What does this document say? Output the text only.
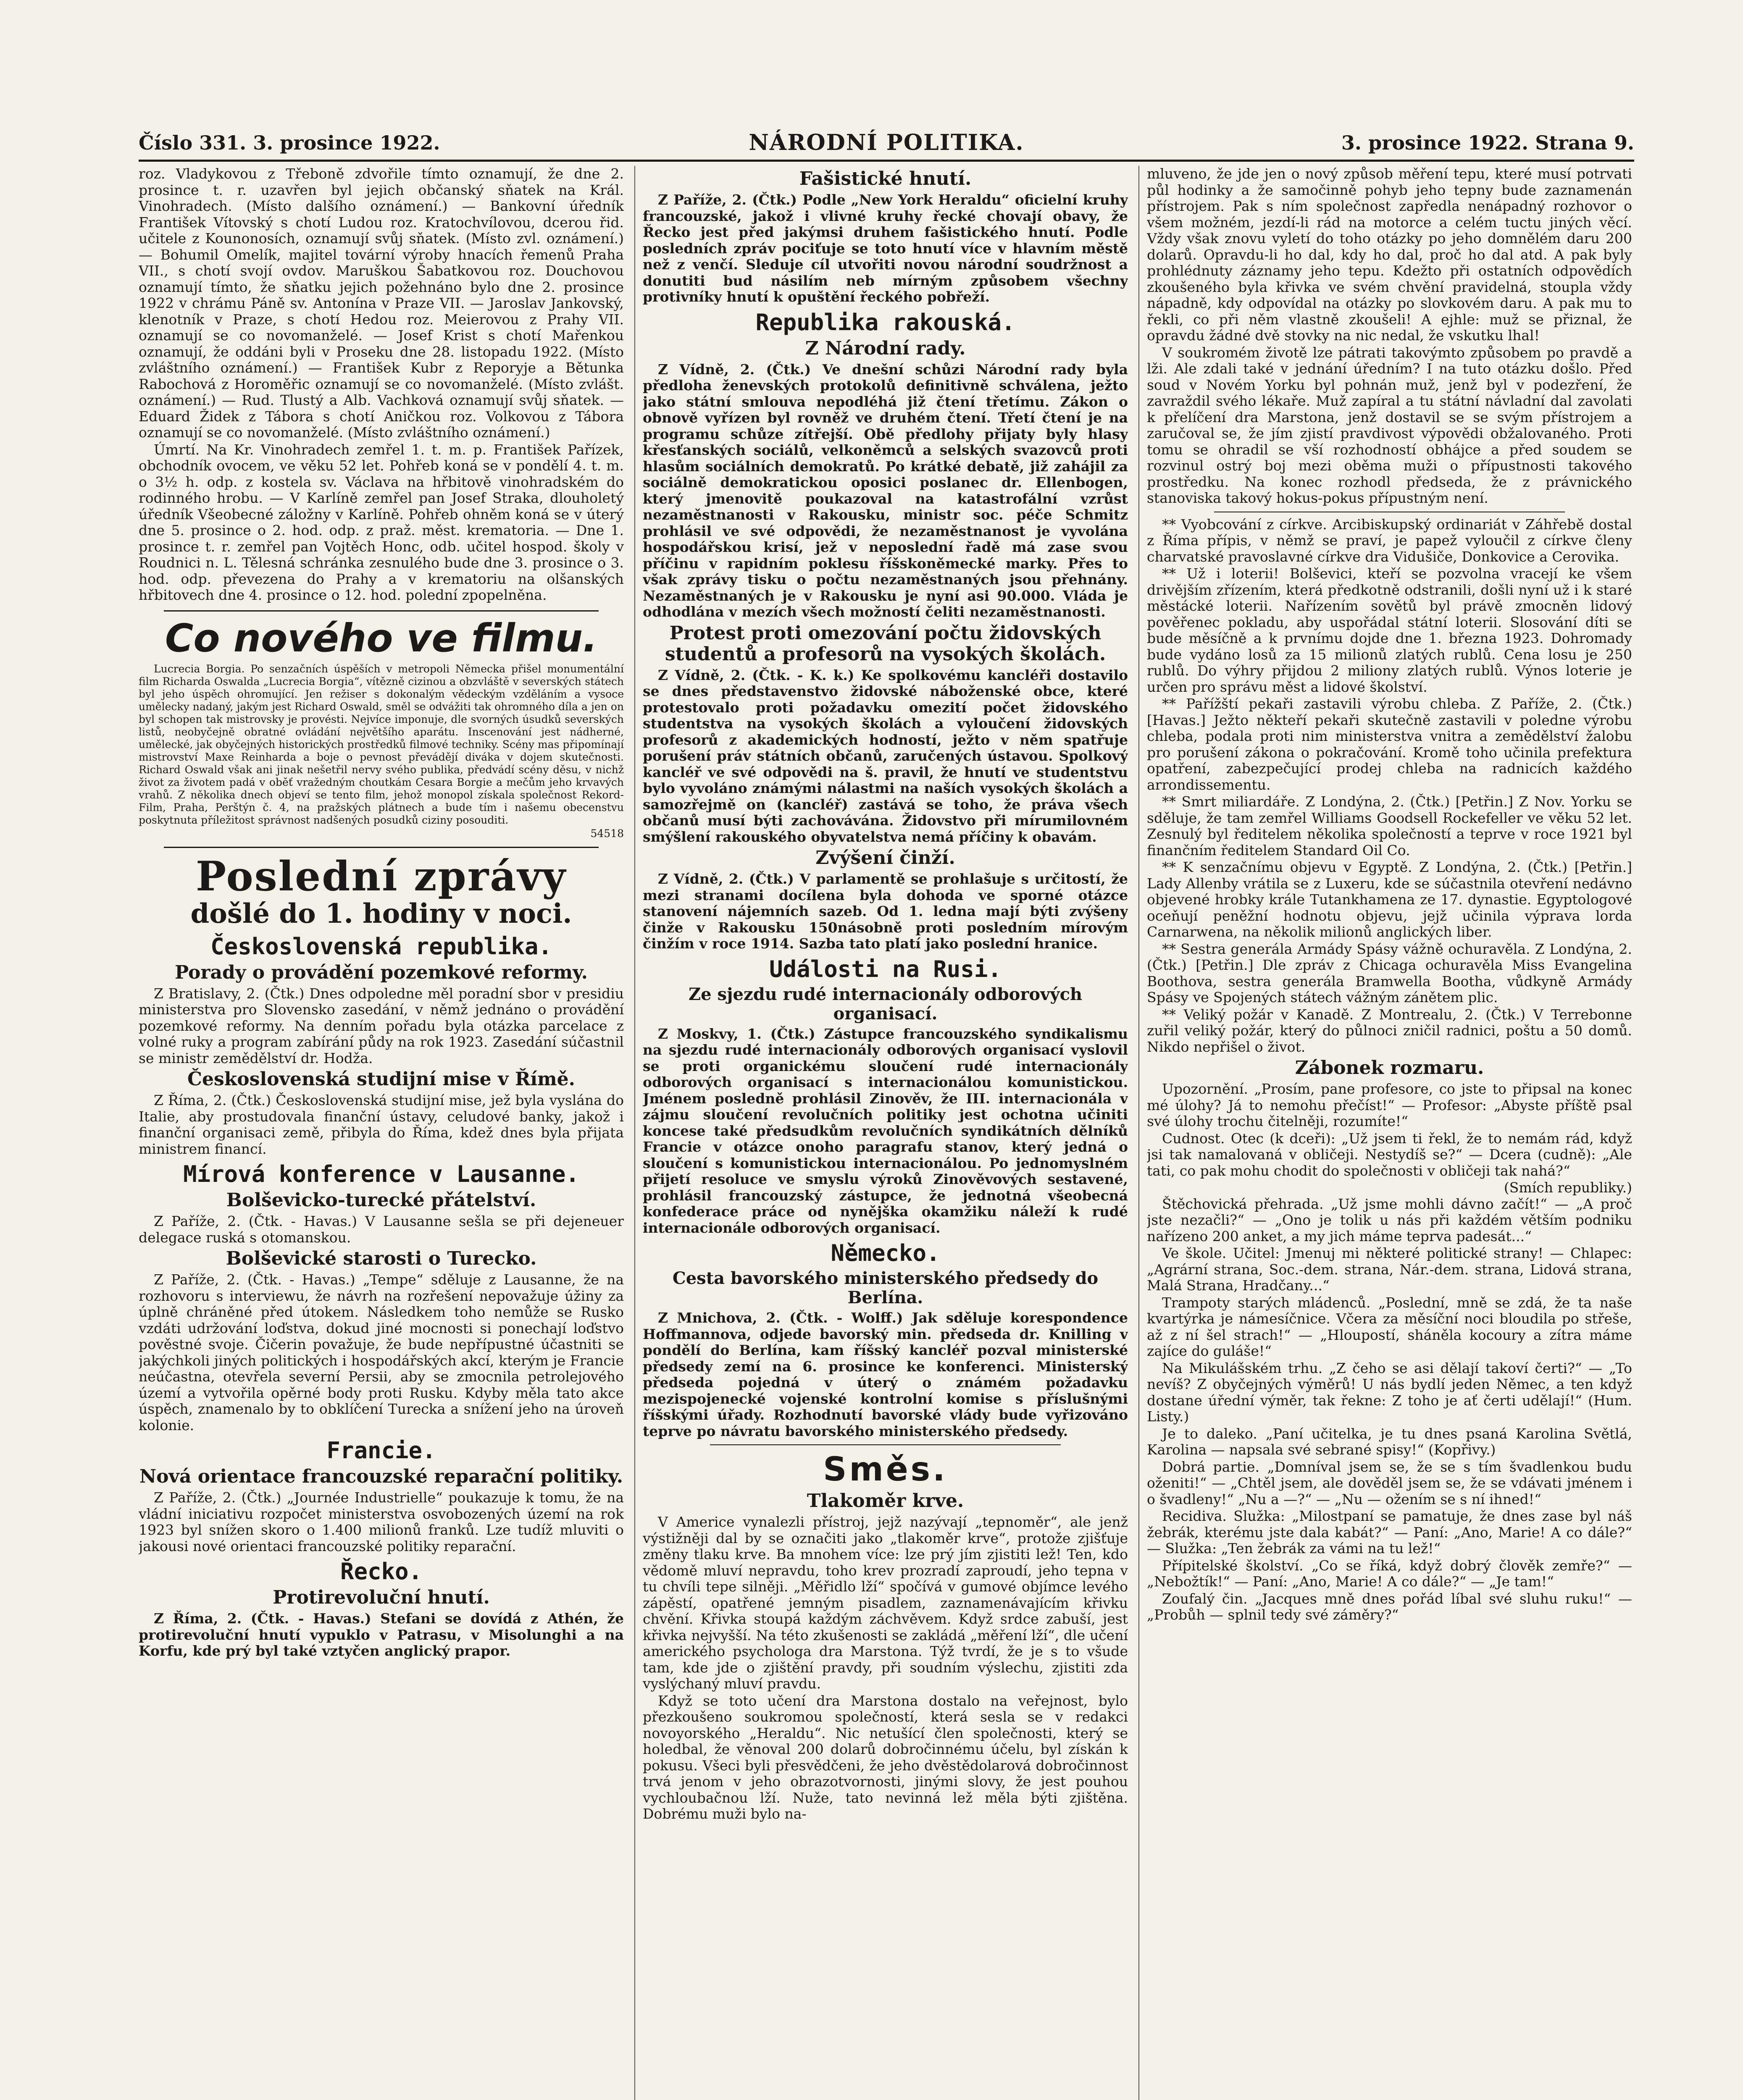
Číslo 331. 3. prosince 1922.	NÁRODNÍ POLITIKA.	3. prosince 1922. Strana 9.

roz. Vladykovou z Třeboně zdvořile tímto oznamují, že dne 2. prosince t. r. uzavřen byl jejich občanský sňatek na Král. Vinohradech. (Místo dalšího oznámení.) — Bankovní úředník František Vítovský s chotí Ludou roz. Kratochvílovou, dcerou řid. učitele z Kounonosích, oznamují svůj sňatek. (Místo zvl. oznámení.) — Bohumil Omelík, majitel tovární výroby hnacích řemenů Praha VII., s chotí svojí ovdov. Maruškou Šabatkovou roz. Douchovou oznamují tímto, že sňatku jejich požehnáno bylo dne 2. prosince 1922 v chrámu Páně sv. Antonína v Praze VII. — Jaroslav Jankovský, klenotník v Praze, s chotí Hedou roz. Meierovou z Prahy VII. oznamují se co novomanželé. — Josef Krist s chotí Mařenkou oznamují, že oddáni byli v Proseku dne 28. listopadu 1922. (Místo zvláštního oznámení.) — František Kubr z Reporyje a Bětunka Rabochová z Horoměřic oznamují se co novomanželé. (Místo zvlášt. oznámení.) — Rud. Tlustý a Alb. Vachková oznamují svůj sňatek. — Eduard Židek z Tábora s chotí Aničkou roz. Volkovou z Tábora oznamují se co novomanželé. (Místo zvláštního oznámení.)

Úmrtí. Na Kr. Vinohradech zemřel 1. t. m. p. František Pařízek, obchodník ovocem, ve věku 52 let. Pohřeb koná se v pondělí 4. t. m. o 3½ h. odp. z kostela sv. Václava na hřbitově vinohradském do rodinného hrobu. — V Karlíně zemřel pan Josef Straka, dlouholetý úředník Všeobecné záložny v Karlíně. Pohřeb ohněm koná se v úterý dne 5. prosince o 2. hod. odp. z praž. měst. krematoria. — Dne 1. prosince t. r. zemřel pan Vojtěch Honc, odb. učitel hospod. školy v Roudnici n. L. Tělesná schránka zesnulého bude dne 3. prosince o 3. hod. odp. převezena do Prahy a v krematoriu na olšanských hřbitovech dne 4. prosince o 12. hod. polední zpopelněna.

Co nového ve filmu.

Lucrecia Borgia. Po senzačních úspěších v metropoli Německa přišel monumentální film Richarda Oswalda „Lucrecia Borgia“, vítězně cizinou a obzvláště v severských státech byl jeho úspěch ohromující. Jen režiser s dokonalým vědeckým vzděláním a vysoce umělecky nadaný, jakým jest Richard Oswald, směl se odvážiti tak ohromného díla a jen on byl schopen tak mistrovsky je provésti. Nejvíce imponuje, dle svorných úsudků severských listů, neobyčejně obratné ovládání největšího aparátu. Inscenování jest nádherné, umělecké, jak obyčejných historických prostředků filmové techniky. Scény mas připomínají mistrovství Maxe Reinharda a boje o pevnost převádějí diváka v dojem skutečnosti. Richard Oswald však ani jinak nešetřil nervy svého publika, předvádí scény děsu, v nichž život za životem padá v oběť vražedným choutkám Cesara Borgie a mečům jeho krvavých vrahů. Z několika dnech objeví se tento film, jehož monopol získala společnost Rekord-Film, Praha, Perštýn č. 4, na pražských plátnech a bude tím i našemu obecenstvu poskytnuta příležitost správnost nadšených posudků ciziny posouditi.

54518
Poslední zprávy
došlé do 1. hodiny v noci.
Československá republika.
Porady o provádění pozemkové reformy.

Z Bratislavy, 2. (Čtk.) Dnes odpoledne měl poradní sbor v presidiu ministerstva pro Slovensko zasedání, v němž jednáno o provádění pozemkové reformy. Na denním pořadu byla otázka parcelace z volné ruky a program zabírání půdy na rok 1923. Zasedání súčastnil se ministr zemědělství dr. Hodža.

Československá studijní mise v Římě.

Z Říma, 2. (Čtk.) Československá studijní mise, jež byla vyslána do Italie, aby prostudovala finanční ústavy, celudové banky, jakož i finanční organisaci země, přibyla do Říma, kdež dnes byla přijata ministrem financí.

Mírová konference v Lausanne.
Bolševicko-turecké přátelství.

Z Paříže, 2. (Čtk. - Havas.) V Lausanne sešla se při dejeneuer delegace ruská s otomanskou.

Bolševické starosti o Turecko.

Z Paříže, 2. (Čtk. - Havas.) „Tempe“ sděluje z Lausanne, že na rozhovoru s interviewu, že návrh na rozřešení nepovažuje úžiny za úplně chráněné před útokem. Následkem toho nemůže se Rusko vzdáti udržování loďstva, dokud jiné mocnosti si ponechají loďstvo pověstné svoje. Čičerin považuje, že bude nepřípustné účastniti se jakýchkoli jiných politických i hospodářských akcí, kterým je Francie neúčastna, otevřela severní Persii, aby se zmocnila petrolejového území a vytvořila opěrné body proti Rusku. Kdyby měla tato akce úspěch, znamenalo by to obklíčení Turecka a snížení jeho na úroveň kolonie.

Francie.
Nová orientace francouzské reparační politiky.

Z Paříže, 2. (Čtk.) „Journée Industrielle“ poukazuje k tomu, že na vládní iniciativu rozpočet ministerstva osvobozených území na rok 1923 byl snížen skoro o 1.400 milionů franků. Lze tudíž mluviti o jakousi nové orientaci francouzské politiky reparační.

Řecko.
Protirevoluční hnutí.

Z Říma, 2. (Čtk. - Havas.) Stefani se dovídá z Athén, že protirevoluční hnutí vypuklo v Patrasu, v Misolunghi a na Korfu, kde prý byl také vztyčen anglický prapor.

Fašistické hnutí.

Z Paříže, 2. (Čtk.) Podle „New York Heraldu“ oficielní kruhy francouzské, jakož i vlivné kruhy řecké chovají obavy, že Řecko jest před jakýmsi druhem fašistického hnutí. Podle posledních zpráv pociťuje se toto hnutí více v hlavním městě než z venčí. Sleduje cíl utvořiti novou národní soudržnost a donutiti bud násilím neb mírným způsobem všechny protivníky hnutí k opuštění řeckého pobřeží.

Republika rakouská.
Z Národní rady.

Z Vídně, 2. (Čtk.) Ve dnešní schůzi Národní rady byla předloha ženevských protokolů definitivně schválena, ježto jako státní smlouva nepodléhá již čtení třetímu. Zákon o obnově vyřízen byl rovněž ve druhém čtení. Třetí čtení je na programu schůze zítřejší. Obě předlohy přijaty byly hlasy křesťanských sociálů, velkoněmců a selských svazovců proti hlasům sociálních demokratů. Po krátké debatě, již zahájil za sociálně demokratickou oposici poslanec dr. Ellenbogen, který jmenovitě poukazoval na katastrofální vzrůst nezaměstnanosti v Rakousku, ministr soc. péče Schmitz prohlásil ve své odpovědi, že nezaměstnanost je vyvolána hospodářskou krisí, jež v neposlední řadě má zase svou příčinu v rapidním poklesu říšskoněmecké marky. Přes to však zprávy tisku o počtu nezaměstnaných jsou přehnány. Nezaměstnaných je v Rakousku je nyní asi 90.000. Vláda je odhodlána v mezích všech možností čeliti nezaměstnanosti.

Protest proti omezování počtu židovských studentů a profesorů na vysokých školách.

Z Vídně, 2. (Čtk. - K. k.) Ke spolkovému kancléři dostavilo se dnes představenstvo židovské náboženské obce, které protestovalo proti požadavku omezití počet židovského studentstva na vysokých školách a vyloučení židovských profesorů z akademických hodností, ježto v něm spatřuje porušení práv státních občanů, zaručených ústavou. Spolkový kancléř ve své odpovědi na š. pravil, že hnutí ve studentstvu bylo vyvoláno známými nálastmi na naších vysokých školách a samozřejmě on (kancléř) zastává se toho, že práva všech občanů musí býti zachovávána. Židovstvo při mírumilovném smýšlení rakouského obyvatelstva nemá příčiny k obavám.

Zvýšení činží.

Z Vídně, 2. (Čtk.) V parlamentě se prohlašuje s určitostí, že mezi stranami docílena byla dohoda ve sporné otázce stanovení nájemních sazeb. Od 1. ledna mají býti zvýšeny činže v Rakousku 150násobně proti posledním mírovým činžím v roce 1914. Sazba tato platí jako poslední hranice.

Události na Rusi.
Ze sjezdu rudé internacionály odborových organisací.

Z Moskvy, 1. (Čtk.) Zástupce francouzského syndikalismu na sjezdu rudé internacionály odborových organisací vyslovil se proti organickému sloučení rudé internacionály odborových organisací s internacionálou komunistickou. Jménem posledně prohlásil Zinověv, že III. internacionála v zájmu sloučení revolučních politiky jest ochotna učiniti koncese také předsudkům revolučních syndikátních dělníků Francie v otázce onoho paragrafu stanov, který jedná o sloučení s komunistickou internacionálou. Po jednomyslném přijetí resoluce ve smyslu výroků Zinověvových sestavené, prohlásil francouzský zástupce, že jednotná všeobecná konfederace práce od nynějška okamžiku náleží k rudé internacionále odborových organisací.

Německo.
Cesta bavorského ministerského předsedy do Berlína.

Z Mnichova, 2. (Čtk. - Wolff.) Jak sděluje korespondence Hoffmannova, odjede bavorský min. předseda dr. Knilling v pondělí do Berlína, kam říšský kancléř pozval ministerské předsedy zemí na 6. prosince ke konferenci. Ministerský předseda pojedná v úterý o známém požadavku mezispojenecké vojenské kontrolní komise s příslušnými říšskými úřady. Rozhodnutí bavorské vlády bude vyřizováno teprve po návratu bavorského ministerského předsedy.

Směs.
Tlakoměr krve.

V Americe vynalezli přístroj, jejž nazývají „tepnoměr“, ale jenž výstižněji dal by se označiti jako „tlakoměr krve“, protože zjišťuje změny tlaku krve. Ba mnohem více: lze prý jím zjistiti lež! Ten, kdo vědomě mluví nepravdu, toho krev prozradí zaproudí, jeho tepna v tu chvíli tepe silněji. „Měřidlo lží“ spočívá v gumové objímce levého zápěstí, opatřené jemným pisadlem, zaznamenávajícím křivku chvění. Křivka stoupá každým záchvěvem. Když srdce zabuší, jest křivka nejvyšší. Na této zkušenosti se zakládá „měření lží“, dle učení amerického psychologa dra Marstona. Týž tvrdí, že je s to všude tam, kde jde o zjištění pravdy, při soudním výslechu, zjistiti zda vyslýchaný mluví pravdu.

Když se toto učení dra Marstona dostalo na veřejnost, bylo přezkoušeno soukromou společností, která sesla se v redakci novoyorského „Heraldu“. Nic netušící člen společnosti, který se holedbal, že věnoval 200 dolarů dobročinnému účelu, byl získán k pokusu. Všeci byli přesvědčeni, že jeho dvěstědolarová dobročinnost trvá jenom v jeho obrazotvornosti, jinými slovy, že jest pouhou vychloubačnou lží. Nuže, tato nevinná lež měla býti zjištěna. Dobrému muži bylo na-

mluveno, že jde jen o nový způsob měření tepu, které musí potrvati půl hodinky a že samočinně pohyb jeho tepny bude zaznamenán přístrojem. Pak s ním společnost zapředla nenápadný rozhovor o všem možném, jezdí-li rád na motorce a celém tuctu jiných věcí. Vždy však znovu vyletí do toho otázky po jeho domnělém daru 200 dolarů. Opravdu-li ho dal, kdy ho dal, proč ho dal atd. A pak byly prohlédnuty záznamy jeho tepu. Kdežto při ostatních odpovědích zkoušeného byla křivka ve svém chvění pravidelná, stoupla vždy nápadně, kdy odpovídal na otázky po slovkovém daru. A pak mu to řekli, co při něm vlastně zkoušeli! A ejhle: muž se přiznal, že opravdu žádné dvě stovky na nic nedal, že vskutku lhal!

V soukromém životě lze pátrati takovýmto způsobem po pravdě a lži. Ale zdali také v jednání úředním? I na tuto otázku došlo. Před soud v Novém Yorku byl pohnán muž, jenž byl v podezření, že zavraždil svého lékaře. Muž zapíral a tu státní návladní dal zavolati k přelíčení dra Marstona, jenž dostavil se se svým přístrojem a zaručoval se, že jím zjistí pravdivost výpovědi obžalovaného. Proti tomu se ohradil se vší rozhodností obhájce a před soudem se rozvinul ostrý boj mezi oběma muži o přípustnosti takového prostředku. Na konec rozhodl předseda, že z právnického stanoviska takový hokus-pokus přípustným není.

** Vyobcování z církve. Arcibiskupský ordinariát v Záhřebě dostal z Říma přípis, v němž se praví, je papež vyloučil z církve členy charvatské pravoslavné církve dra Vidušiče, Donkovice a Cerovika.

** Už i loterii! Bolševici, kteří se pozvolna vracejí ke všem drivějším zřízením, která předkotně odstranili, došli nyní už i k staré městácké loterii. Nařízením sovětů byl právě zmocněn lidový pověřenec pokladu, aby uspořádal státní loterii. Slosování díti se bude měsíčně a k prvnímu dojde dne 1. března 1923. Dohromady bude vydáno losů za 15 milionů zlatých rublů. Cena losu je 250 rublů. Do výhry přijdou 2 miliony zlatých rublů. Výnos loterie je určen pro správu měst a lidové školství.

** Pařížští pekaři zastavili výrobu chleba. Z Paříže, 2. (Čtk.) [Havas.] Ježto někteří pekaři skutečně zastavili v poledne výrobu chleba, podala proti nim ministerstva vnitra a zemědělství žalobu pro porušení zákona o pokračování. Kromě toho učinila prefektura opatření, zabezpečující prodej chleba na radnicích každého arrondissementu.

** Smrt miliardáře. Z Londýna, 2. (Čtk.) [Petřin.] Z Nov. Yorku se sděluje, že tam zemřel Williams Goodsell Rockefeller ve věku 52 let. Zesnulý byl ředitelem několika společností a teprve v roce 1921 byl finančním ředitelem Standard Oil Co.

** K senzačnímu objevu v Egyptě. Z Londýna, 2. (Čtk.) [Petřin.] Lady Allenby vrátila se z Luxeru, kde se súčastnila otevření nedávno objevené hrobky krále Tutankhamena ze 17. dynastie. Egyptologové oceňují peněžní hodnotu objevu, jejž učinila výprava lorda Carnarwena, na několik milionů anglických liber.

** Sestra generála Armády Spásy vážně ochuravěla. Z Londýna, 2. (Čtk.) [Petřin.] Dle zpráv z Chicaga ochuravěla Miss Evangelina Boothova, sestra generála Bramwella Bootha, vůdkyně Armády Spásy ve Spojených státech vážným zánětem plic.

** Veliký požár v Kanadě. Z Montrealu, 2. (Čtk.) V Terrebonne zuřil veliký požár, který do půlnoci zničil radnici, poštu a 50 domů. Nikdo nepřišel o život.

Zábonek rozmaru.

Upozornění. „Prosím, pane profesore, co jste to připsal na konec mé úlohy? Já to nemohu přečíst!“ — Profesor: „Abyste příště psal své úlohy trochu čitelněji, rozumíte!“

Cudnost. Otec (k dceři): „Už jsem ti řekl, že to nemám rád, když jsi tak namalovaná v obličeji. Nestydíš se?“ — Dcera (cudně): „Ale tati, co pak mohu chodit do společnosti v obličeji tak nahá?“

(Smích republiky.)

Štěchovická přehrada. „Už jsme mohli dávno začít!“ — „A proč jste nezačli?“ — „Ono je tolik u nás při každém větším podniku nařízeno 200 anket, a my jich máme teprva padesát...“

Ve škole. Učitel: Jmenuj mi některé politické strany! — Chlapec: „Agrární strana, Soc.-dem. strana, Nár.-dem. strana, Lidová strana, Malá Strana, Hradčany...“

Trampoty starých mládenců. „Poslední, mně se zdá, že ta naše kvartýrka je námesíčnice. Včera za měsíční noci bloudila po střeše, až z ní šel strach!“ — „Hloupostí, sháněla kocoury a zítra máme zajíce do guláše!“

Na Mikulášském trhu. „Z čeho se asi dělají takoví čerti?“ — „To nevíš? Z obyčejných výměrů! U nás bydlí jeden Němec, a ten když dostane úřední výměr, tak řekne: Z toho je ať čerti udělají!“ (Hum. Listy.)

Je to daleko. „Paní učitelka, je tu dnes psaná Karolina Světlá, Karolina — napsala své sebrané spisy!“ (Kopřivy.)

Dobrá partie. „Domníval jsem se, že se s tím švadlenkou budu oženiti!“ — „Chtěl jsem, ale dověděl jsem se, že se vdávati jménem i o švadleny!“ „Nu a —?“ — „Nu — ožením se s ní ihned!“

Recidiva. Služka: „Milostpaní se pamatuje, že dnes zase byl náš žebrák, kterému jste dala kabát?“ — Paní: „Ano, Marie! A co dále?“ — Služka: „Ten žebrák za vámi na tu lež!“

Přípitelské školství. „Co se říká, když dobrý člověk zemře?“ — „Nebožtík!“ — Paní: „Ano, Marie! A co dále?“ — „Je tam!“

Zoufalý čin. „Jacques mně dnes pořád líbal své sluhu ruku!“ — „Probůh — splnil tedy své záměry?“
